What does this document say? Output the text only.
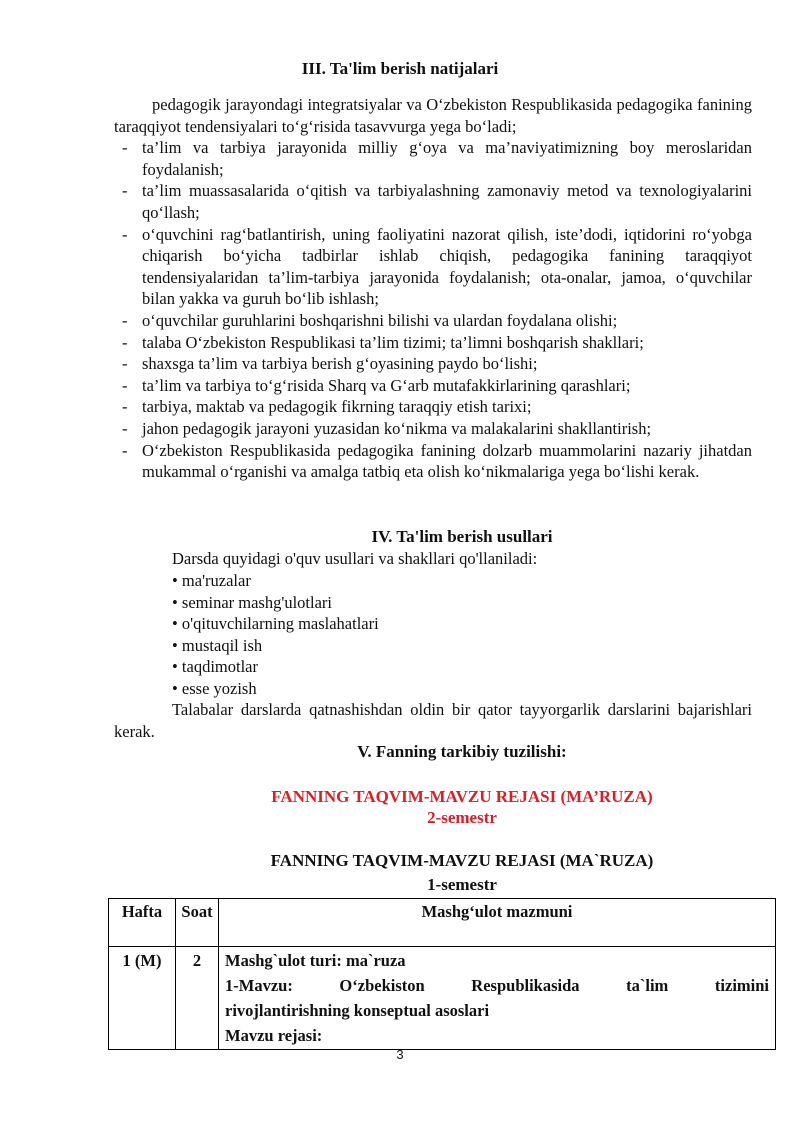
III. Ta'lim berish natijalari
pedagogik jarayondagi integratsiyalar va O‘zbekiston Respublikasida pedagogika fanining taraqqiyot tendensiyalari to‘g‘risida tasavvurga yega bo‘ladi;
- ta’lim va tarbiya jarayonida milliy g‘oya va ma’naviyatimizning boy meroslaridan foydalanish;
- ta’lim muassasalarida o‘qitish va tarbiyalashning zamonaviy metod va texnologiyalarini qo‘llash;
- o‘quvchini rag‘batlantirish, uning faoliyatini nazorat qilish, iste’dodi, iqtidorini ro‘yobga chiqarish bo‘yicha tadbirlar ishlab chiqish, pedagogika fanining taraqqiyot tendensiyalaridan ta’lim-tarbiya jarayonida foydalanish; ota-onalar, jamoa, o‘quvchilar bilan yakka va guruh bo‘lib ishlash;
- o‘quvchilar guruhlarini boshqarishni bilishi va ulardan foydalana olishi;
- talaba O‘zbekiston Respublikasi ta’lim tizimi; ta’limni boshqarish shakllari;
- shaxsga ta’lim va tarbiya berish g‘oyasining paydo bo‘lishi;
- ta’lim va tarbiya to‘g‘risida Sharq va G‘arb mutafakkirlarining qarashlari;
- tarbiya, maktab va pedagogik fikrning taraqqiy etish tarixi;
- jahon pedagogik jarayoni yuzasidan ko‘nikma va malakalarini shakllantirish;
- O‘zbekiston Respublikasida pedagogika fanining dolzarb muammolarini nazariy jihatdan mukammal o‘rganishi va amalga tatbiq eta olish ko‘nikmalariga yega bo‘lishi kerak.
IV. Ta'lim berish usullari
Darsda quyidagi o'quv usullari va shakllari qo'llaniladi:
• ma'ruzalar
• seminar mashg'ulotlari
• o'qituvchilarning maslahatlari
• mustaqil ish
• taqdimotlar
• esse yozish
Talabalar darslarda qatnashishdan oldin bir qator tayyorgarlik darslarini bajarishlari kerak.
V. Fanning tarkibiy tuzilishi:
FANNING TAQVIM-MAVZU REJASI (MA’RUZA)
2-semestr
FANNING TAQVIM-MAVZU REJASI (MA`RUZA)
1-semestr
Hafta	Soat	Mashg‘ulot mazmuni
1 (M)	2	Mashg`ulot turi: ma`ruza
1-Mavzu: O‘zbekiston Respublikasida ta`lim tizimini
rivojlantirishning konseptual asoslari
Mavzu rejasi:
3
